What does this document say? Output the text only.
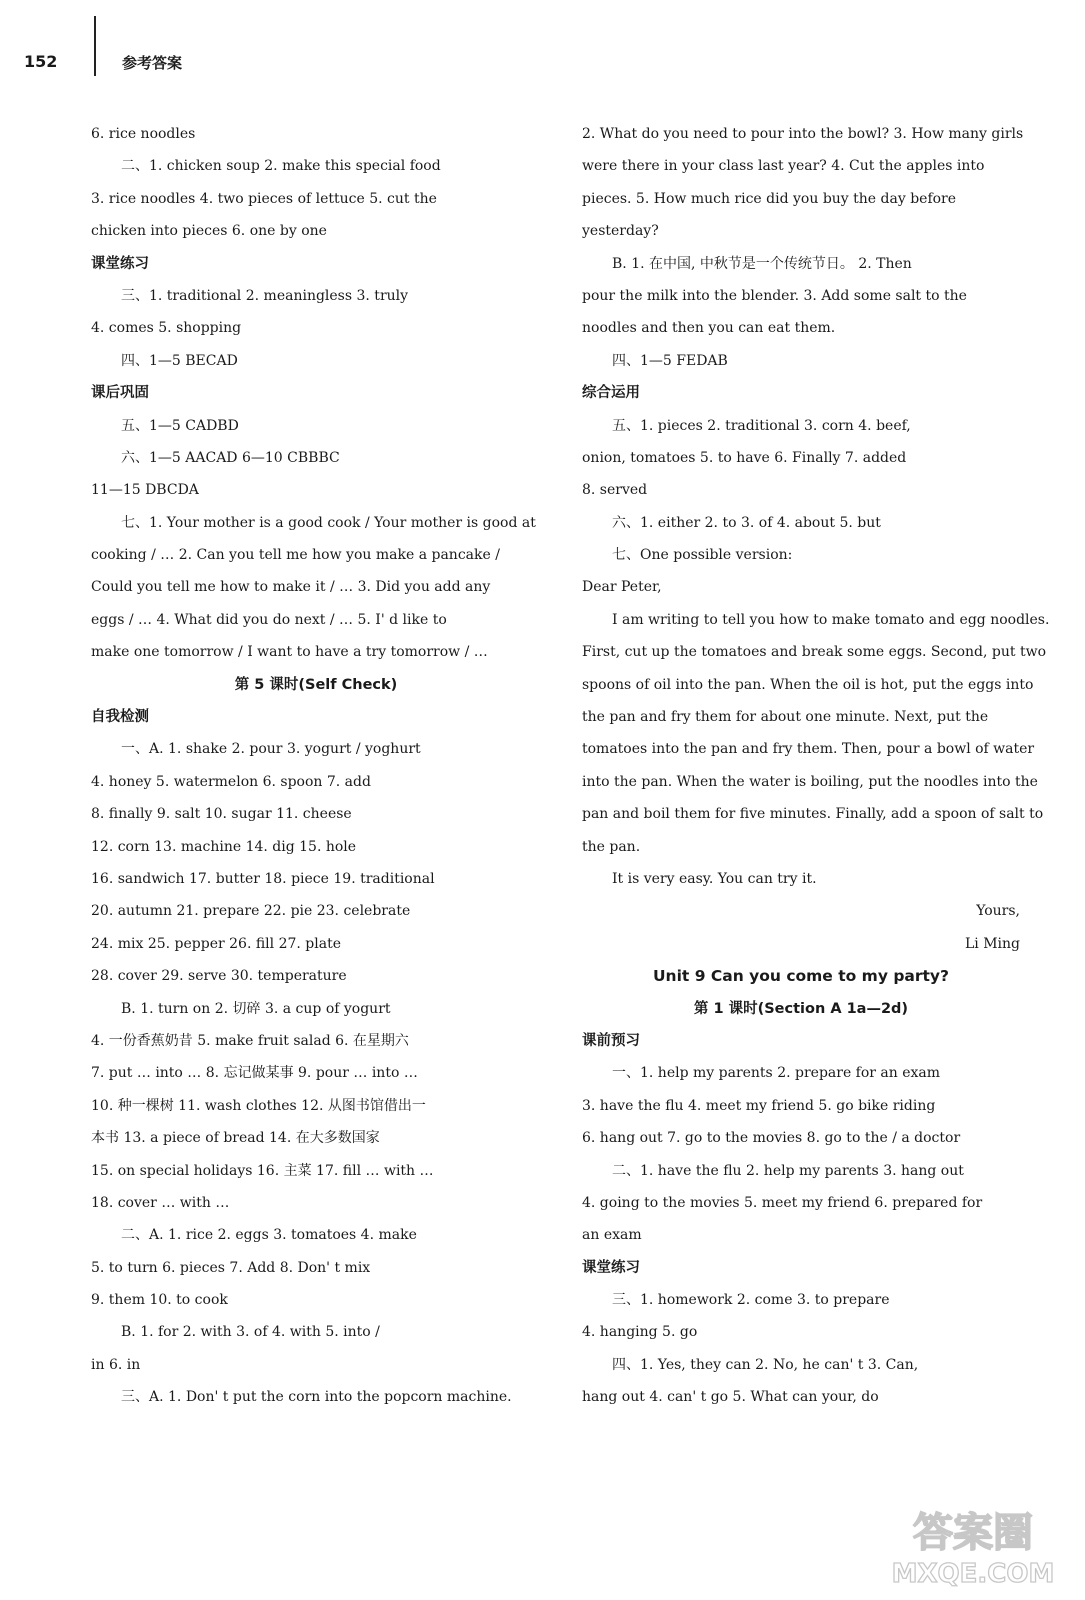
152	参考答案
6. rice noodles
二、1. chicken soup 2. make this special food
3. rice noodles 4. two pieces of lettuce 5. cut the
chicken into pieces 6. one by one
课堂练习
三、1. traditional 2. meaningless 3. truly
4. comes 5. shopping
四、1—5 BECAD
课后巩固
五、1—5 CADBD
六、1—5 AACAD 6—10 CBBBC
11—15 DBCDA
七、1. Your mother is a good cook / Your mother is good at
cooking / … 2. Can you tell me how you make a pancake /
Could you tell me how to make it / … 3. Did you add any
eggs / … 4. What did you do next / … 5. I' d like to
make one tomorrow / I want to have a try tomorrow / …
第 5 课时(Self Check)
自我检测
一、A. 1. shake 2. pour 3. yogurt / yoghurt
4. honey 5. watermelon 6. spoon 7. add
8. finally 9. salt 10. sugar 11. cheese
12. corn 13. machine 14. dig 15. hole
16. sandwich 17. butter 18. piece 19. traditional
20. autumn 21. prepare 22. pie 23. celebrate
24. mix 25. pepper 26. fill 27. plate
28. cover 29. serve 30. temperature
B. 1. turn on 2. 切碎 3. a cup of yogurt
4. 一份香蕉奶昔 5. make fruit salad 6. 在星期六
7. put … into … 8. 忘记做某事 9. pour … into …
10. 种一棵树 11. wash clothes 12. 从图书馆借出一
本书 13. a piece of bread 14. 在大多数国家
15. on special holidays 16. 主菜 17. fill … with …
18. cover … with …
二、A. 1. rice 2. eggs 3. tomatoes 4. make
5. to turn 6. pieces 7. Add 8. Don' t mix
9. them 10. to cook
B. 1. for 2. with 3. of 4. with 5. into /
in 6. in
三、A. 1. Don' t put the corn into the popcorn machine.
2. What do you need to pour into the bowl? 3. How many girls
were there in your class last year? 4. Cut the apples into
pieces. 5. How much rice did you buy the day before
yesterday?
B. 1. 在中国, 中秋节是一个传统节日。 2. Then
pour the milk into the blender. 3. Add some salt to the
noodles and then you can eat them.
四、1—5 FEDAB
综合运用
五、1. pieces 2. traditional 3. corn 4. beef,
onion, tomatoes 5. to have 6. Finally 7. added
8. served
六、1. either 2. to 3. of 4. about 5. but
七、One possible version:
Dear Peter,
I am writing to tell you how to make tomato and egg noodles.
First, cut up the tomatoes and break some eggs. Second, put two
spoons of oil into the pan. When the oil is hot, put the eggs into
the pan and fry them for about one minute. Next, put the
tomatoes into the pan and fry them. Then, pour a bowl of water
into the pan. When the water is boiling, put the noodles into the
pan and boil them for five minutes. Finally, add a spoon of salt to
the pan.
It is very easy. You can try it.
Yours,
Li Ming
Unit 9 Can you come to my party?
第 1 课时(Section A 1a—2d)
课前预习
一、1. help my parents 2. prepare for an exam
3. have the flu 4. meet my friend 5. go bike riding
6. hang out 7. go to the movies 8. go to the / a doctor
二、1. have the flu 2. help my parents 3. hang out
4. going to the movies 5. meet my friend 6. prepared for
an exam
课堂练习
三、1. homework 2. come 3. to prepare
4. hanging 5. go
四、1. Yes, they can 2. No, he can' t 3. Can,
hang out 4. can' t go 5. What can your, do
答案圈
MXQE.COM
